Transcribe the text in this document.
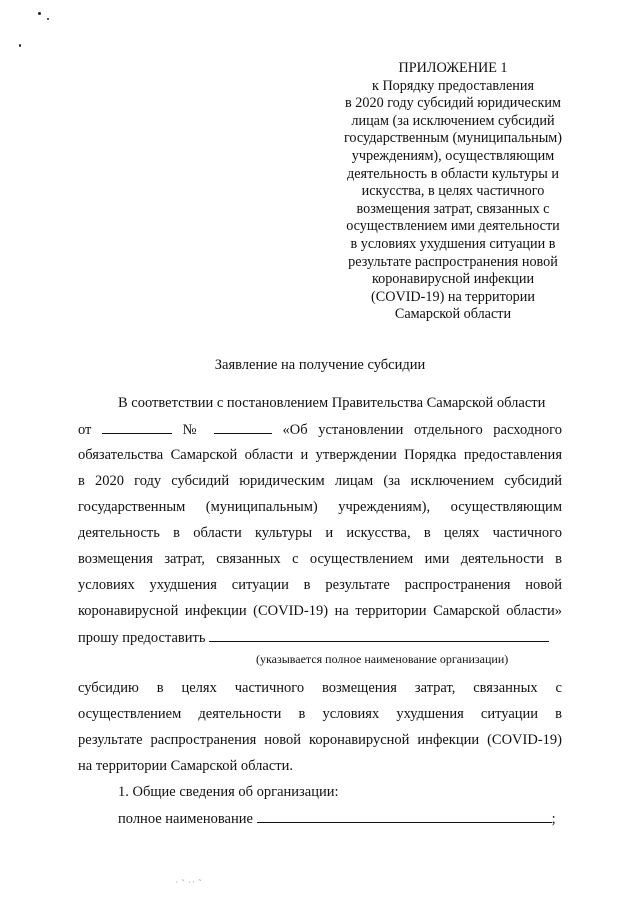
ПРИЛОЖЕНИЕ 1
к Порядку предоставления
в 2020 году субсидий юридическим
лицам (за исключением субсидий
государственным (муниципальным)
учреждениям), осуществляющим
деятельность в области культуры и
искусства, в целях частичного
возмещения затрат, связанных с
осуществлением ими деятельности
в условиях ухудшения ситуации в
результате распространения новой
коронавирусной инфекции
(COVID-19) на территории
Самарской области
Заявление на получение субсидии
В соответствии с постановлением Правительства Самарской области
от	№	«Об установлении отдельного расходного
обязательства Самарской области и утверждении Порядка предоставления
в 2020 году субсидий юридическим лицам (за исключением субсидий
государственным (муниципальным) учреждениям), осуществляющим
деятельность в области культуры и искусства, в целях частичного
возмещения затрат, связанных с осуществлением ими деятельности в
условиях ухудшения ситуации в результате распространения новой
коронавирусной инфекции (COVID-19) на территории Самарской области»
прошу предоставить
(указывается полное наименование организации)
субсидию в целях частичного возмещения затрат, связанных с
осуществлением деятельности в условиях ухудшения ситуации в
результате распространения новой коронавирусной инфекции (COVID-19)
на территории Самарской области.
1. Общие сведения об организации:
полное наименование	;
· ˜ ·· ˜
